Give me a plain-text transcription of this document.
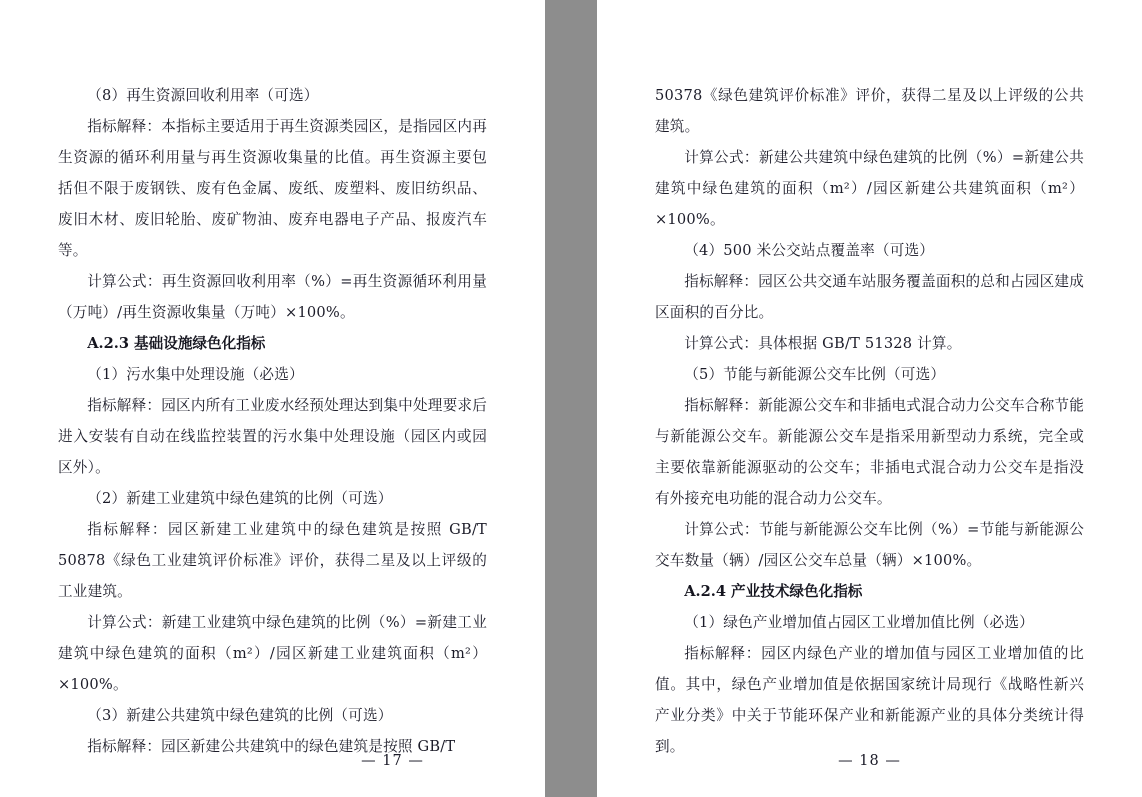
（8）再生资源回收利用率（可选）

指标解释：本指标主要适用于再生资源类园区，是指园区内再生资源的循环利用量与再生资源收集量的比值。再生资源主要包括但不限于废钢铁、废有色金属、废纸、废塑料、废旧纺织品、废旧木材、废旧轮胎、废矿物油、废弃电器电子产品、报废汽车等。

计算公式：再生资源回收利用率（%）=再生资源循环利用量（万吨）/再生资源收集量（万吨）×100%。

A.2.3 基础设施绿色化指标

（1）污水集中处理设施（必选）

指标解释：园区内所有工业废水经预处理达到集中处理要求后进入安装有自动在线监控装置的污水集中处理设施（园区内或园区外）。

（2）新建工业建筑中绿色建筑的比例（可选）

指标解释：园区新建工业建筑中的绿色建筑是按照 GB/T 50878《绿色工业建筑评价标准》评价，获得二星及以上评级的工业建筑。

计算公式：新建工业建筑中绿色建筑的比例（%）=新建工业建筑中绿色建筑的面积（m²）/园区新建工业建筑面积（m²）×100%。

（3）新建公共建筑中绿色建筑的比例（可选）

指标解释：园区新建公共建筑中的绿色建筑是按照 GB/T

— 17 —

50378《绿色建筑评价标准》评价，获得二星及以上评级的公共建筑。

计算公式：新建公共建筑中绿色建筑的比例（%）=新建公共建筑中绿色建筑的面积（m²）/园区新建公共建筑面积（m²）×100%。

（4）500 米公交站点覆盖率（可选）

指标解释：园区公共交通车站服务覆盖面积的总和占园区建成区面积的百分比。

计算公式：具体根据 GB/T 51328 计算。

（5）节能与新能源公交车比例（可选）

指标解释：新能源公交车和非插电式混合动力公交车合称节能与新能源公交车。新能源公交车是指采用新型动力系统，完全或主要依靠新能源驱动的公交车；非插电式混合动力公交车是指没有外接充电功能的混合动力公交车。

计算公式：节能与新能源公交车比例（%）=节能与新能源公交车数量（辆）/园区公交车总量（辆）×100%。

A.2.4 产业技术绿色化指标

（1）绿色产业增加值占园区工业增加值比例（必选）

指标解释：园区内绿色产业的增加值与园区工业增加值的比值。其中，绿色产业增加值是依据国家统计局现行《战略性新兴产业分类》中关于节能环保产业和新能源产业的具体分类统计得到。

— 18 —
